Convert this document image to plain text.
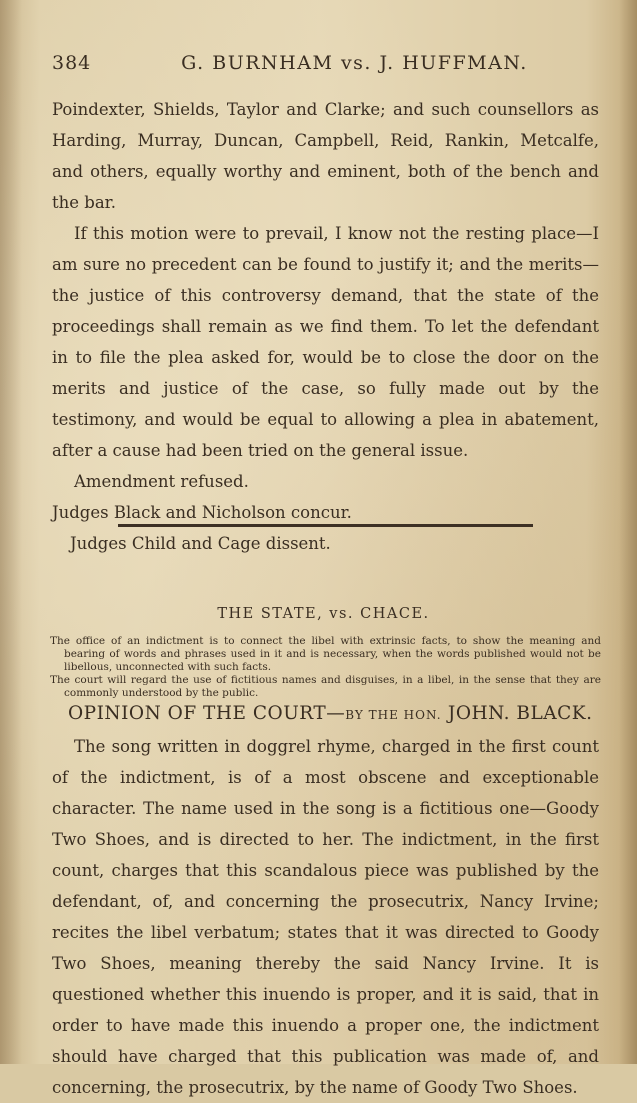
384	G. BURNHAM vs. J. HUFFMAN.

Poindexter, Shields, Taylor and Clarke; and such counsellors as Harding, Murray, Duncan, Campbell, Reid, Rankin, Metcalfe, and others, equally worthy and eminent, both of the bench and the bar.

If this motion were to prevail, I know not the resting place—I am sure no precedent can be found to justify it; and the merits—the justice of this controversy demand, that the state of the proceedings shall remain as we find them. To let the defendant in to file the plea asked for, would be to close the door on the merits and justice of the case, so fully made out by the testimony, and would be equal to allowing a plea in abatement, after a cause had been tried on the general issue.

Amendment refused.

Judges Black and Nicholson concur.

Judges Child and Cage dissent.

THE STATE, vs. CHACE.

The office of an indictment is to connect the libel with extrinsic facts, to show the meaning and bearing of words and phrases used in it and is necessary, when the words published would not be libellous, unconnected with such facts.

The court will regard the use of fictitious names and disguises, in a libel, in the sense that they are commonly understood by the public.

OPINION OF THE COURT—BY THE HON. JOHN. BLACK.

The song written in doggrel rhyme, charged in the first count of the indictment, is of a most obscene and exceptionable character. The name used in the song is a fictitious one—Goody Two Shoes, and is directed to her. The indictment, in the first count, charges that this scandalous piece was published by the defendant, of, and concerning the prosecutrix, Nancy Irvine; recites the libel verbatum; states that it was directed to Goody Two Shoes, meaning thereby the said Nancy Irvine. It is questioned whether this inuendo is proper, and it is said, that in order to have made this inuendo a proper one, the indictment should have charged that this publication was made of, and concerning, the prosecutrix, by the name of Goody Two Shoes.
